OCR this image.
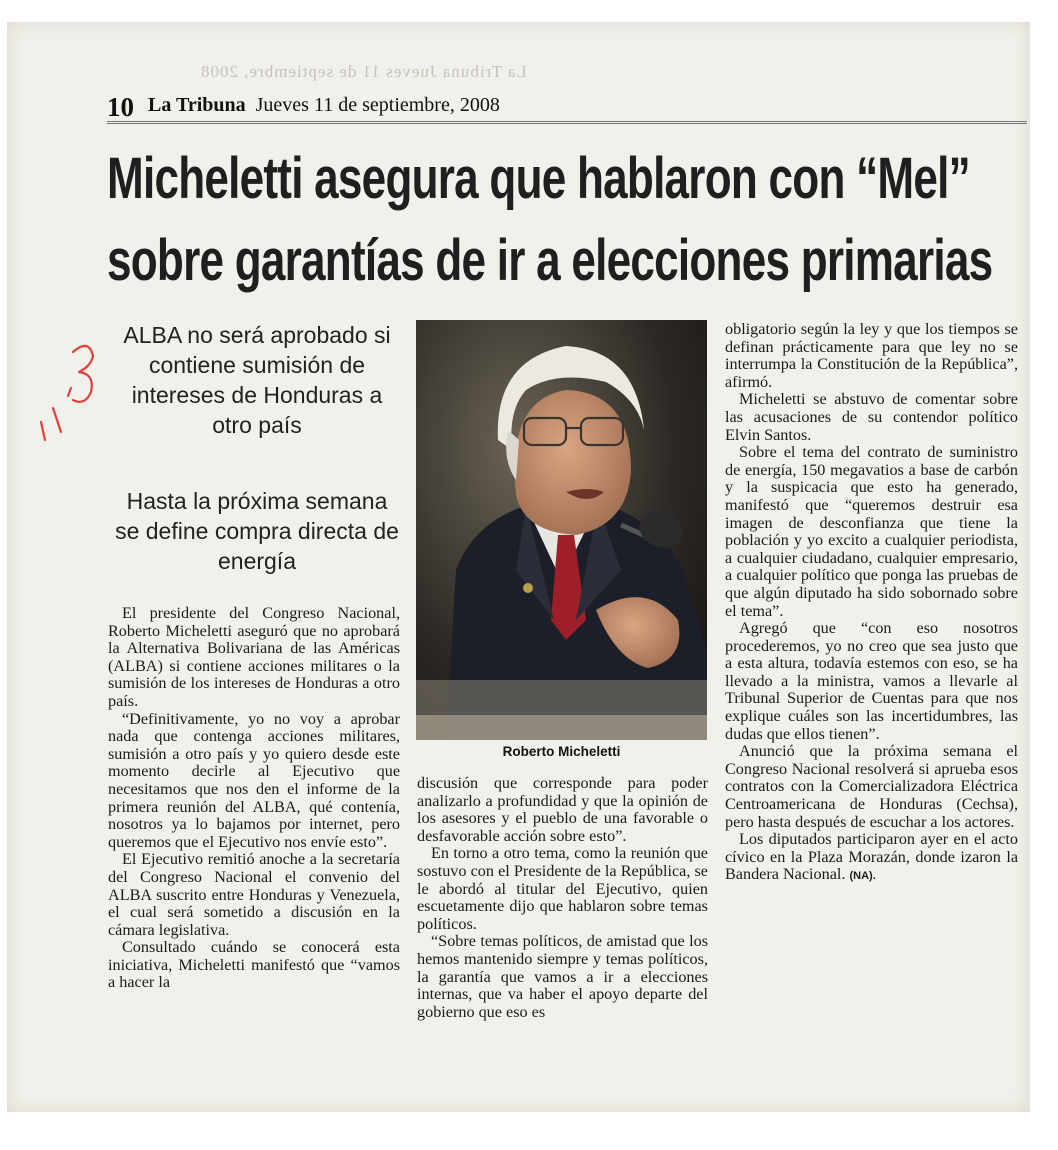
La Tribuna Jueves 11 de septiembre, 2008
10 La Tribuna Jueves 11 de septiembre, 2008
Micheletti asegura que hablaron con “Mel”
sobre garantías de ir a elecciones primarias
ALBA no será aprobado si contiene sumisión de intereses de Honduras a otro país
Hasta la próxima semana se define compra directa de energía
Roberto Micheletti

El presidente del Congreso Nacional, Roberto Micheletti aseguró que no aprobará la Alternativa Bolivariana de las Américas (ALBA) si contiene acciones militares o la sumisión de los intereses de Honduras a otro país.

“Definitivamente, yo no voy a aprobar nada que contenga acciones militares, sumisión a otro país y yo quiero desde este momento decirle al Ejecutivo que necesitamos que nos den el informe de la primera reunión del ALBA, qué contenía, nosotros ya lo bajamos por internet, pero queremos que el Ejecutivo nos envíe esto”.

El Ejecutivo remitió anoche a la secretaría del Congreso Nacional el convenio del ALBA suscrito entre Honduras y Venezuela, el cual será sometido a discusión en la cámara legislativa.

Consultado cuándo se conocerá esta iniciativa, Micheletti manifestó que “vamos a hacer la

discusión que corresponde para poder analizarlo a profundidad y que la opinión de los asesores y el pueblo de una favorable o desfavorable acción sobre esto”.

En torno a otro tema, como la reunión que sostuvo con el Presidente de la República, se le abordó al titular del Ejecutivo, quien escuetamente dijo que hablaron sobre temas políticos.

“Sobre temas políticos, de amistad que los hemos mantenido siempre y temas políticos, la garantía que vamos a ir a elecciones internas, que va haber el apoyo departe del gobierno que eso es

obligatorio según la ley y que los tiempos se definan prácticamente para que ley no se interrumpa la Constitución de la República”, afirmó.

Micheletti se abstuvo de comentar sobre las acusaciones de su contendor político Elvin Santos.

Sobre el tema del contrato de suministro de energía, 150 megavatios a base de carbón y la suspicacia que esto ha generado, manifestó que “queremos destruir esa imagen de desconfianza que tiene la población y yo excito a cualquier periodista, a cualquier ciudadano, cualquier empresario, a cualquier político que ponga las pruebas de que algún diputado ha sido sobornado sobre el tema”.

Agregó que “con eso nosotros procederemos, yo no creo que sea justo que a esta altura, todavía estemos con eso, se ha llevado a la ministra, vamos a llevarle al Tribunal Superior de Cuentas para que nos explique cuáles son las incertidumbres, las dudas que ellos tienen”.

Anunció que la próxima semana el Congreso Nacional resolverá si aprueba esos contratos con la Comercializadora Eléctrica Centroamericana de Honduras (Cechsa), pero hasta después de escuchar a los actores.

Los diputados participaron ayer en el acto cívico en la Plaza Morazán, donde izaron la Bandera Nacional. (NA).
